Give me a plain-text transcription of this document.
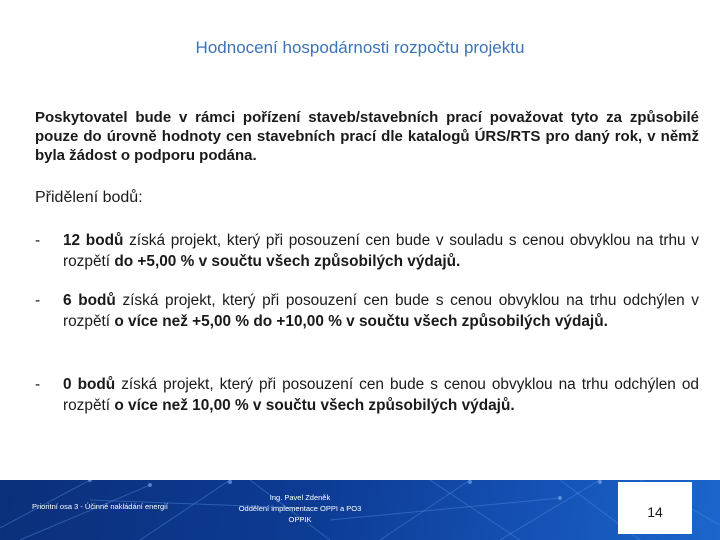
Hodnocení hospodárnosti rozpočtu projektu
Poskytovatel bude v rámci pořízení staveb/stavebních prací považovat tyto za způsobilé pouze do úrovně hodnoty cen stavebních prací dle katalogů ÚRS/RTS pro daný rok, v němž byla žádost o podporu podána.
Přidělení bodů:
-	12 bodů získá projekt, který při posouzení cen bude v souladu s cenou obvyklou na trhu v rozpětí do +5,00 % v součtu všech způsobilých výdajů.
-	6 bodů získá projekt, který při posouzení cen bude s cenou obvyklou na trhu odchýlen v rozpětí o více než +5,00 % do +10,00 % v součtu všech způsobilých výdajů.
-	0 bodů získá projekt, který při posouzení cen bude s cenou obvyklou na trhu odchýlen od rozpětí o více než 10,00 % v součtu všech způsobilých výdajů.
Prioritní osa 3 - Účinné nakládání energií
Ing. Pavel Zdeněk
Oddělení implementace OPPI a PO3
OPPIK	14
